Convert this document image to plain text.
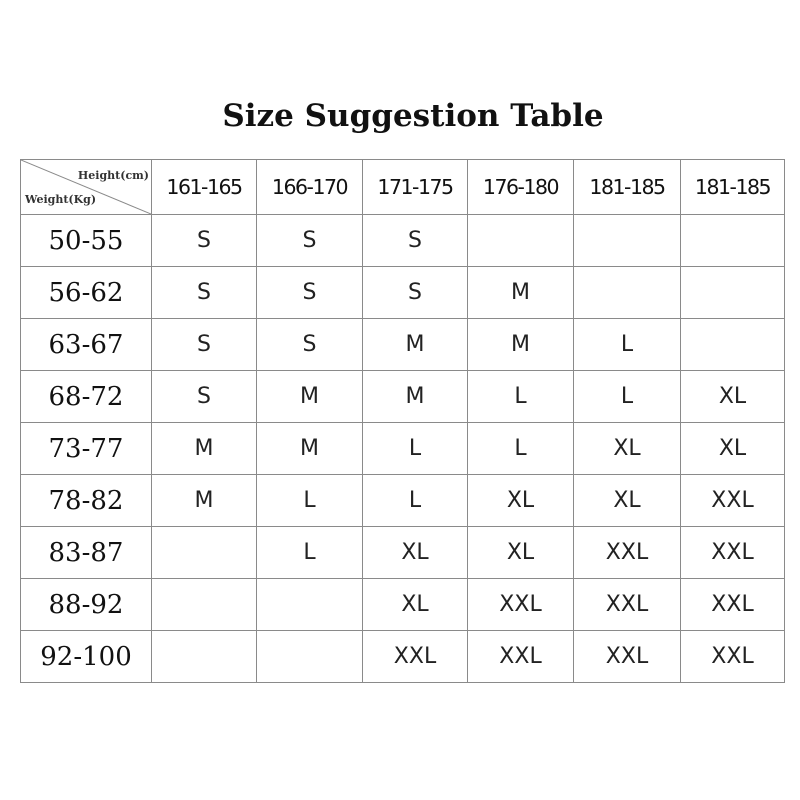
Size Suggestion Table
Height(cm)
Weight(Kg)	161-165	166-170	171-175	176-180	181-185	181-185
50-55	S	S	S			
56-62	S	S	S	M		
63-67	S	S	M	M	L	
68-72	S	M	M	L	L	XL
73-77	M	M	L	L	XL	XL
78-82	M	L	L	XL	XL	XXL
83-87		L	XL	XL	XXL	XXL
88-92			XL	XXL	XXL	XXL
92-100			XXL	XXL	XXL	XXL
